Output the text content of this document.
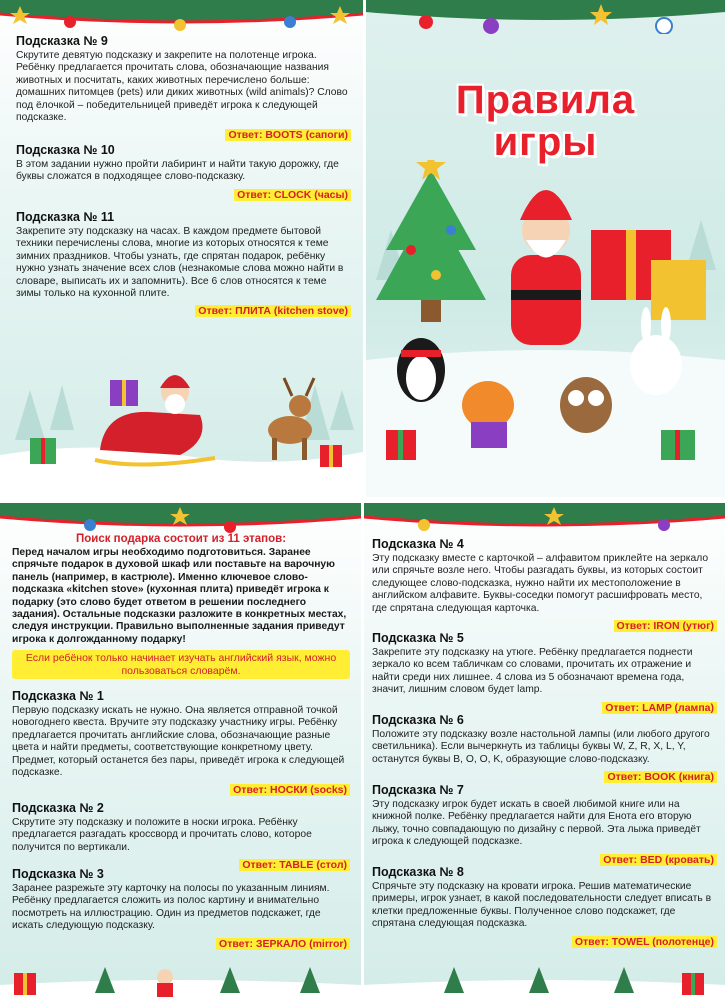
Подсказка № 9

Скрутите девятую подсказку и закрепите на полотенце игрока. Ребёнку предлагается прочитать слова, обозначающие названия животных и посчитать, каких животных перечислено больше: домашних питомцев (pets) или диких животных (wild animals)? Слово под ёлочкой – победительницей приведёт игрока к следующей подсказке.

Ответ: BOOTS (сапоги)

Подсказка № 10

В этом задании нужно пройти лабиринт и найти такую дорожку, где буквы сложатся в подходящее слово-подсказку.

Ответ: CLOCK (часы)

Подсказка № 11

Закрепите эту подсказку на часах. В каждом предмете бытовой техники перечислены слова, многие из которых относятся к теме зимних праздников. Чтобы узнать, где спрятан подарок, ребёнку нужно узнать значение всех слов (незнакомые слова можно найти в словаре, выписать их и запомнить). Все 6 слов относятся к теме зимы только на кухонной плите.

Ответ: ПЛИТА (kitchen stove)
Правила
игры

Поиск подарка состоит из 11 этапов:

Перед началом игры необходимо подготовиться. Заранее спрячьте подарок в духовой шкаф или поставьте на варочную панель (например, в кастрюле). Именно ключевое слово-подсказка «kitchen stove» (кухонная плита) приведёт игрока к подарку (это слово будет ответом в решении последнего задания). Остальные подсказки разложите в конкретных местах, следуя инструкции. Правильно выполненные задания приведут игрока к долгожданному подарку!

Если ребёнок только начинает изучать английский язык, можно пользоваться словарём.

Подсказка № 1

Первую подсказку искать не нужно. Она является отправной точкой новогоднего квеста. Вручите эту подсказку участнику игры. Ребёнку предлагается прочитать английские слова, обозначающие разные цвета и найти предметы, соответствующие конкретному цвету. Предмет, который останется без пары, приведёт игрока к следующей подсказке.

Ответ: НОСКИ (socks)

Подсказка № 2

Скрутите эту подсказку и положите в носки игрока. Ребёнку предлагается разгадать кроссворд и прочитать слово, которое получится по вертикали.

Ответ: TABLE (стол)

Подсказка № 3

Заранее разрежьте эту карточку на полосы по указанным линиям. Ребёнку предлагается сложить из полос картину и внимательно посмотреть на иллюстрацию. Один из предметов подскажет, где искать следующую подсказку.

Ответ: ЗЕРКАЛО (mirror)

Подсказка № 4

Эту подсказку вместе с карточкой – алфавитом приклейте на зеркало или спрячьте возле него. Чтобы разгадать буквы, из которых состоит следующее слово-подсказка, нужно найти их местоположение в английском алфавите. Буквы-соседки помогут расшифровать место, где спрятана следующая карточка.

Ответ: IRON (утюг)

Подсказка № 5

Закрепите эту подсказку на утюге. Ребёнку предлагается поднести зеркало ко всем табличкам со словами, прочитать их отражение и найти среди них лишнее. 4 слова из 5 обозначают времена года, значит, лишним словом будет lamp.

Ответ: LAMP (лампа)

Подсказка № 6

Положите эту подсказку возле настольной лампы (или любого другого светильника). Если вычеркнуть из таблицы буквы W, Z, R, X, L, Y, останутся буквы B, O, O, K, образующие слово-подсказку.

Ответ: BOOK (книга)

Подсказка № 7

Эту подсказку игрок будет искать в своей любимой книге или на книжной полке. Ребёнку предлагается найти для Енота его вторую лыжу, точно совпадающую по дизайну с первой. Эта лыжа приведёт игрока к следующей подсказке.

Ответ: BED (кровать)

Подсказка № 8

Спрячьте эту подсказку на кровати игрока. Решив математические примеры, игрок узнает, в какой последовательности следует вписать в клетки предложенные буквы. Полученное слово подскажет, где спрятана следующая подсказка.

Ответ: TOWEL (полотенце)
